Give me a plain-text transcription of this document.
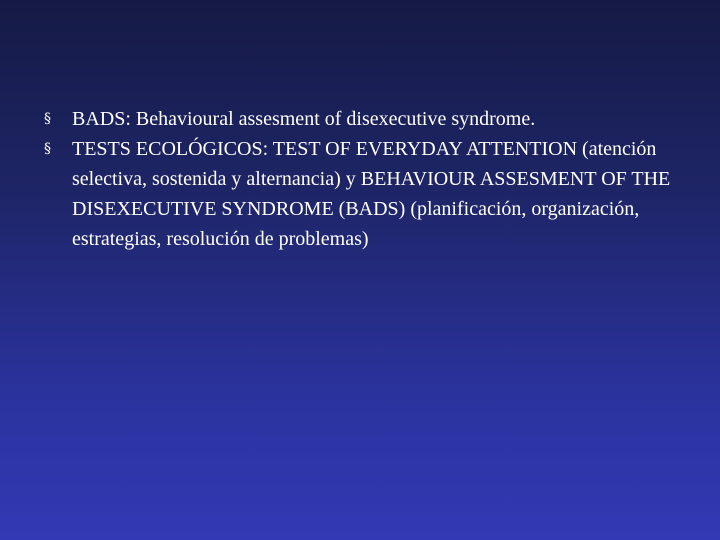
§	BADS: Behavioural assesment of disexecutive syndrome.
§	TESTS ECOLÓGICOS: TEST OF EVERYDAY ATTENTION (atención selectiva, sostenida y alternancia) y BEHAVIOUR ASSESMENT OF THE DISEXECUTIVE SYNDROME (BADS) (planificación, organización, estrategias, resolución de problemas)
